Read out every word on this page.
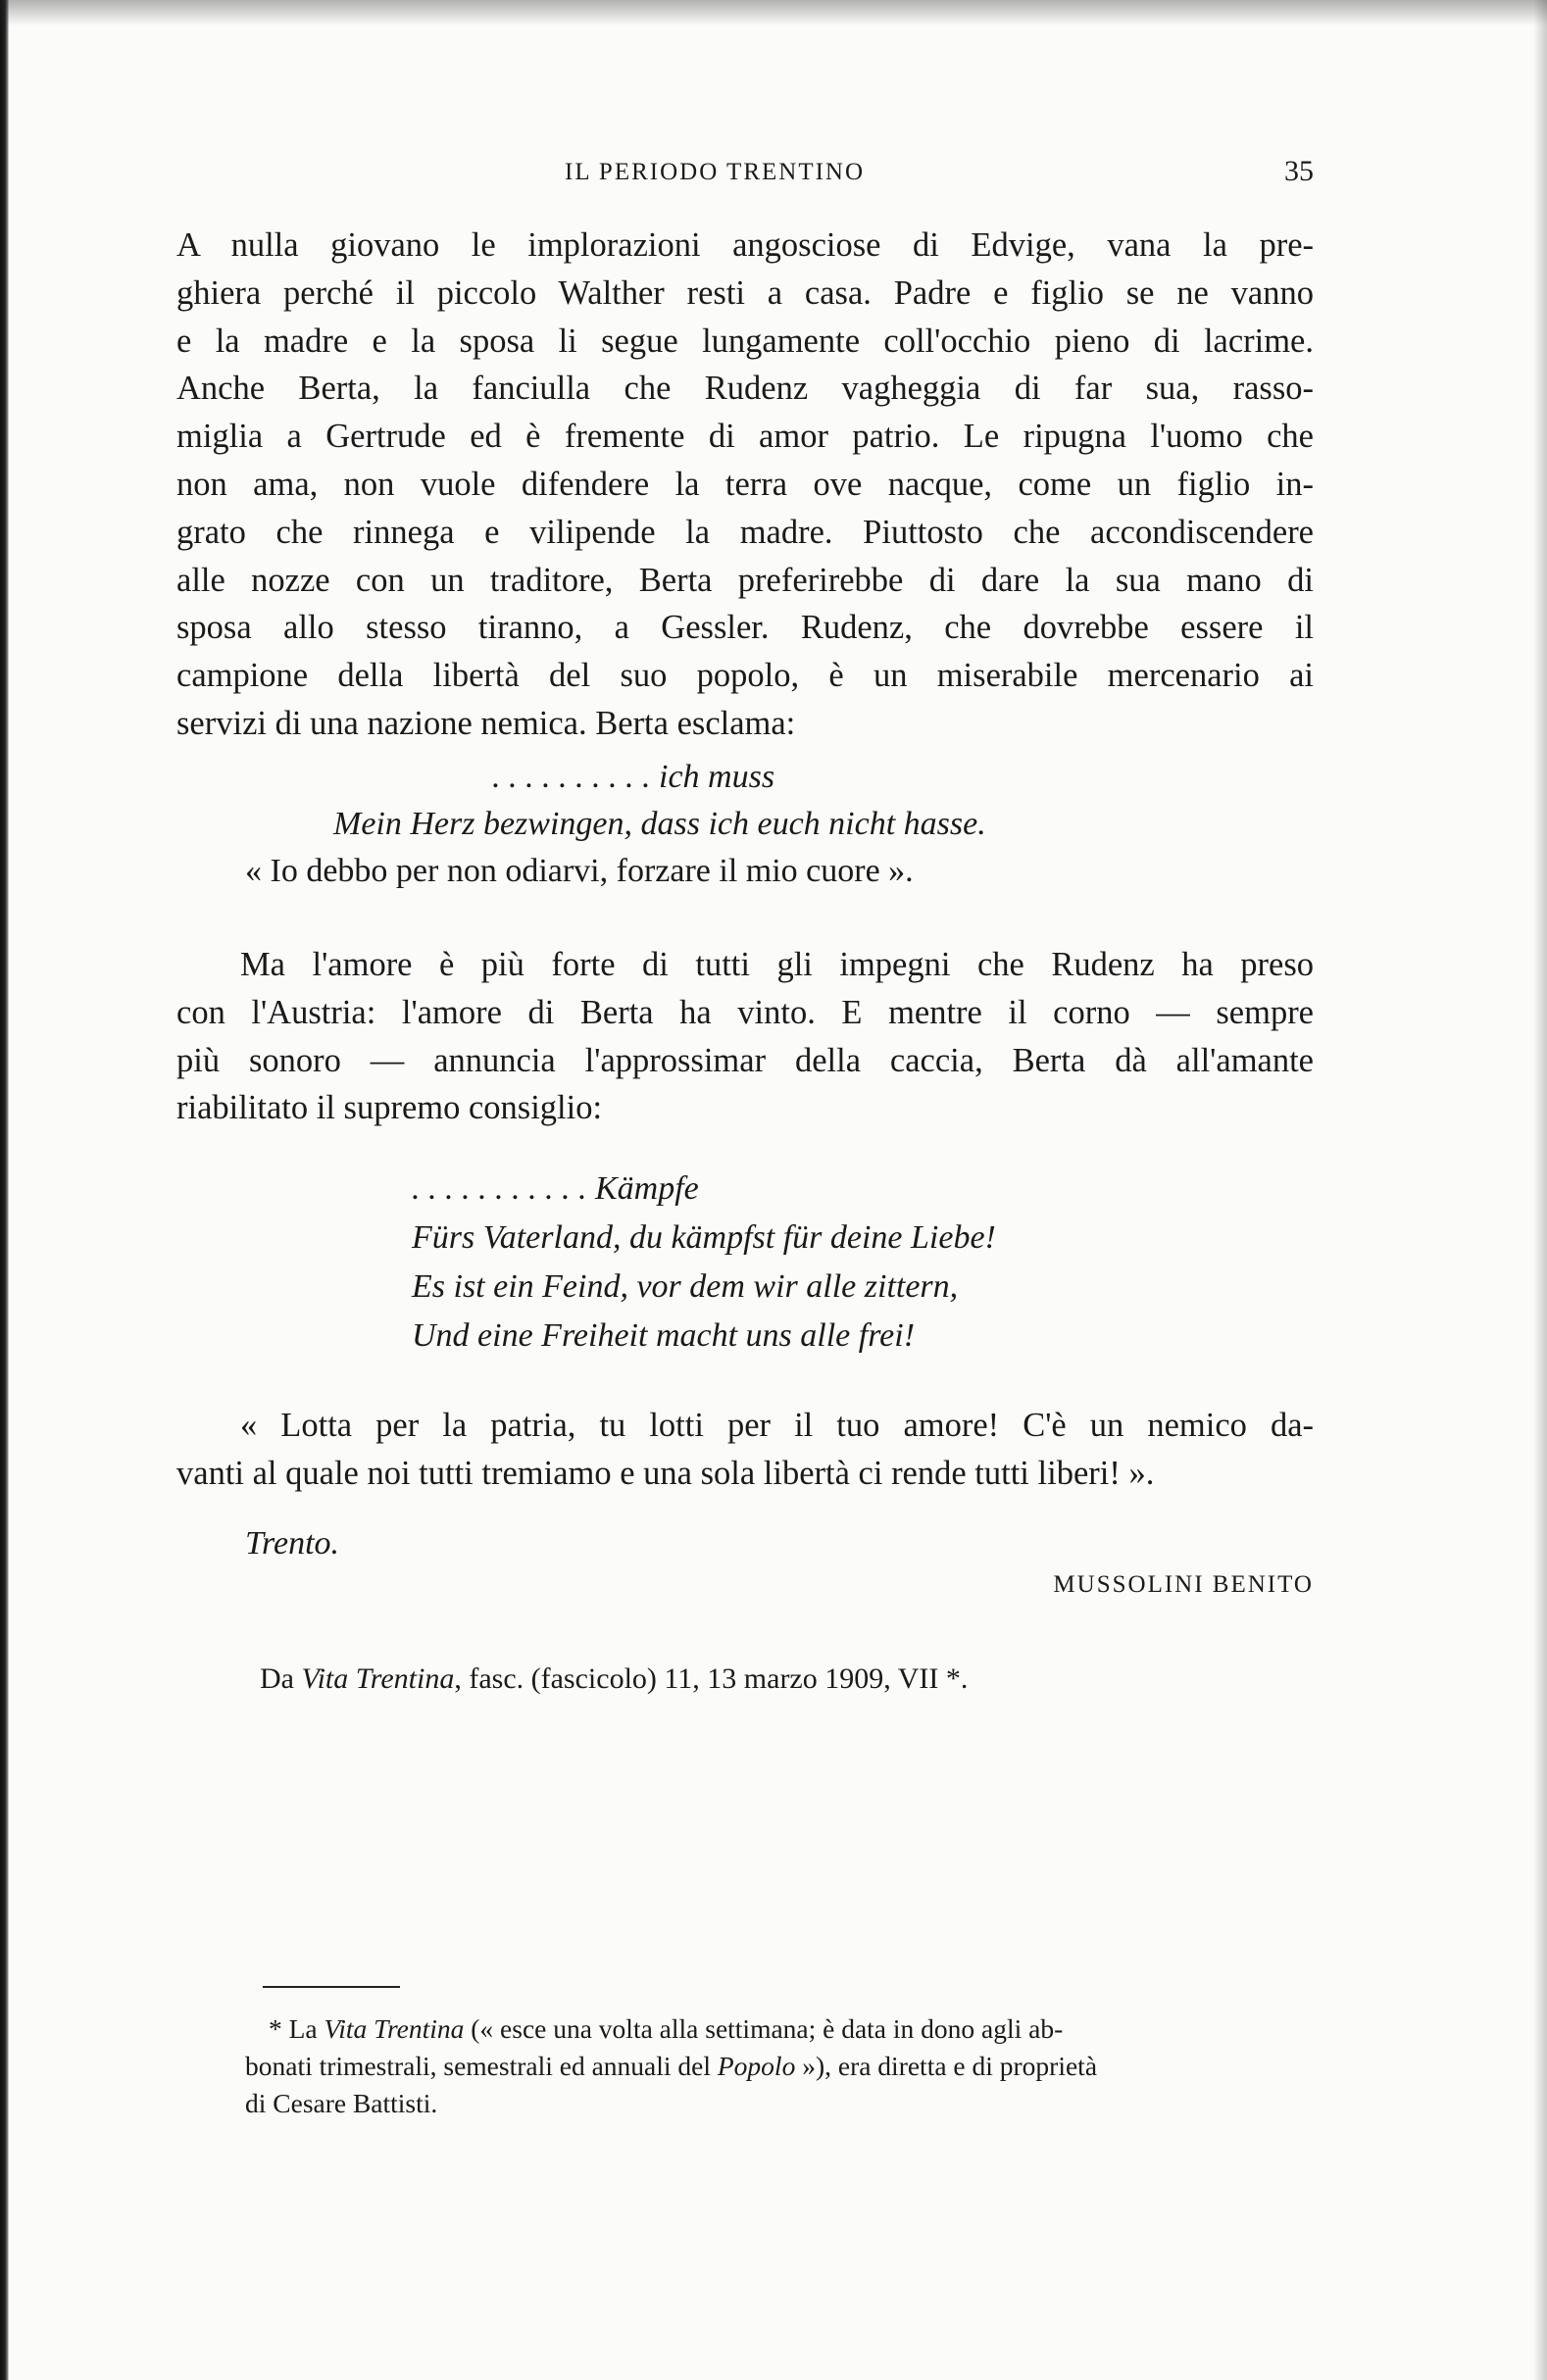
IL PERIODO TRENTINO	35

A nulla giovano le implorazioni angosciose di Edvige, vana la pre-
ghiera perché il piccolo Walther resti a casa. Padre e figlio se ne vanno
e la madre e la sposa li segue lungamente coll'occhio pieno di lacrime.
Anche Berta, la fanciulla che Rudenz vagheggia di far sua, rasso-
miglia a Gertrude ed è fremente di amor patrio. Le ripugna l'uomo che
non ama, non vuole difendere la terra ove nacque, come un figlio in-
grato che rinnega e vilipende la madre. Piuttosto che accondiscendere
alle nozze con un traditore, Berta preferirebbe di dare la sua mano di
sposa allo stesso tiranno, a Gessler. Rudenz, che dovrebbe essere il
campione della libertà del suo popolo, è un miserabile mercenario ai
servizi di una nazione nemica. Berta esclama:

. . . . . . . . . . ich muss
Mein Herz bezwingen, dass ich euch nicht hasse.
« Io debbo per non odiarvi, forzare il mio cuore ».

Ma l'amore è più forte di tutti gli impegni che Rudenz ha preso
con l'Austria: l'amore di Berta ha vinto. E mentre il corno — sempre
più sonoro — annuncia l'approssimar della caccia, Berta dà all'amante
riabilitato il supremo consiglio:

. . . . . . . . . . . Kämpfe
Fürs Vaterland, du kämpfst für deine Liebe!
Es ist ein Feind, vor dem wir alle zittern,
Und eine Freiheit macht uns alle frei!

« Lotta per la patria, tu lotti per il tuo amore! C'è un nemico da-
vanti al quale noi tutti tremiamo e una sola libertà ci rende tutti liberi! ».

Trento.
MUSSOLINI BENITO
Da Vita Trentina, fasc. (fascicolo) 11, 13 marzo 1909, VII *.
* La Vita Trentina (« esce una volta alla settimana; è data in dono agli ab-
bonati trimestrali, semestrali ed annuali del Popolo »), era diretta e di proprietà
di Cesare Battisti.
